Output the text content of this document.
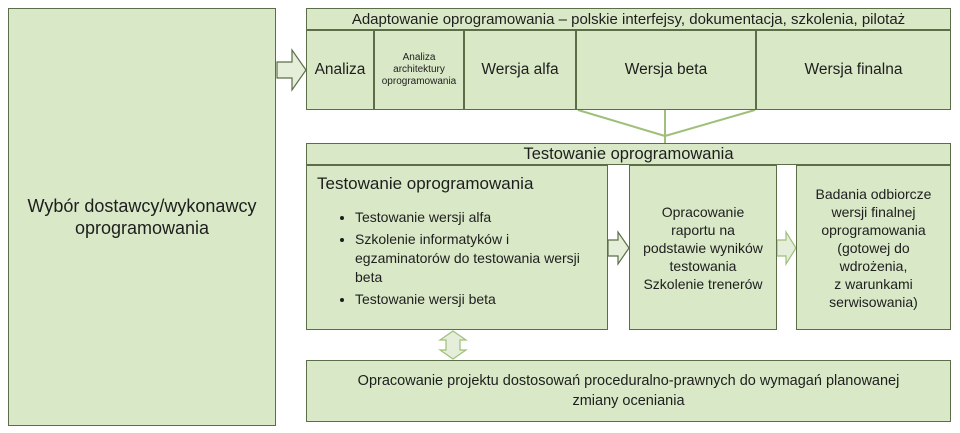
Wybór dostawcy/wykonawcy
oprogramowania
Adaptowanie oprogramowania – polskie interfejsy, dokumentacja, szkolenia, pilotaż
Analiza
Analiza
architektury
oprogramowania
Wersja alfa	Wersja beta	Wersja finalna
Testowanie oprogramowania
Testowanie oprogramowania
• Testowanie wersji alfa
• Szkolenie informatyków i egzaminatorów do testowania wersji beta
• Testowanie wersji beta
Opracowanie
raportu na
podstawie wyników
testowania
Szkolenie trenerów
Badania odbiorcze
wersji finalnej
oprogramowania
(gotowej do
wdrożenia,
z warunkami
serwisowania)
Opracowanie projektu dostosowań proceduralno-prawnych do wymagań planowanej
zmiany oceniania
